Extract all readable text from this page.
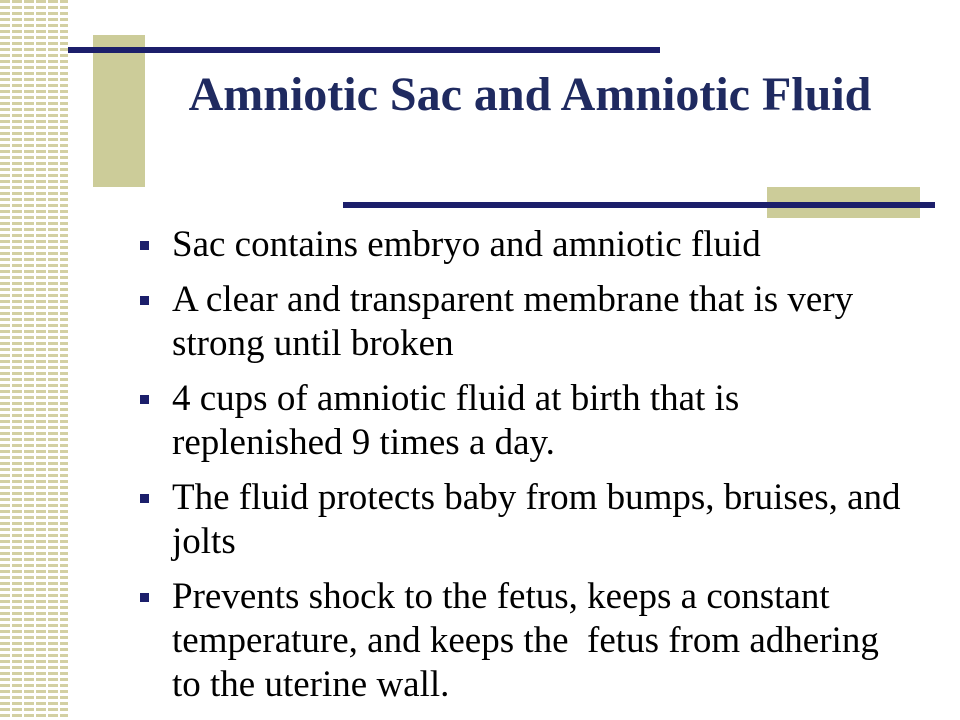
Amniotic Sac and Amniotic Fluid
Sac contains embryo and amniotic fluid
A clear and transparent membrane that is very
strong until broken
4 cups of amniotic fluid at birth that is
replenished 9 times a day.
The fluid protects baby from bumps, bruises, and
jolts
Prevents shock to the fetus, keeps a constant
temperature, and keeps the  fetus from adhering
to the uterine wall.
